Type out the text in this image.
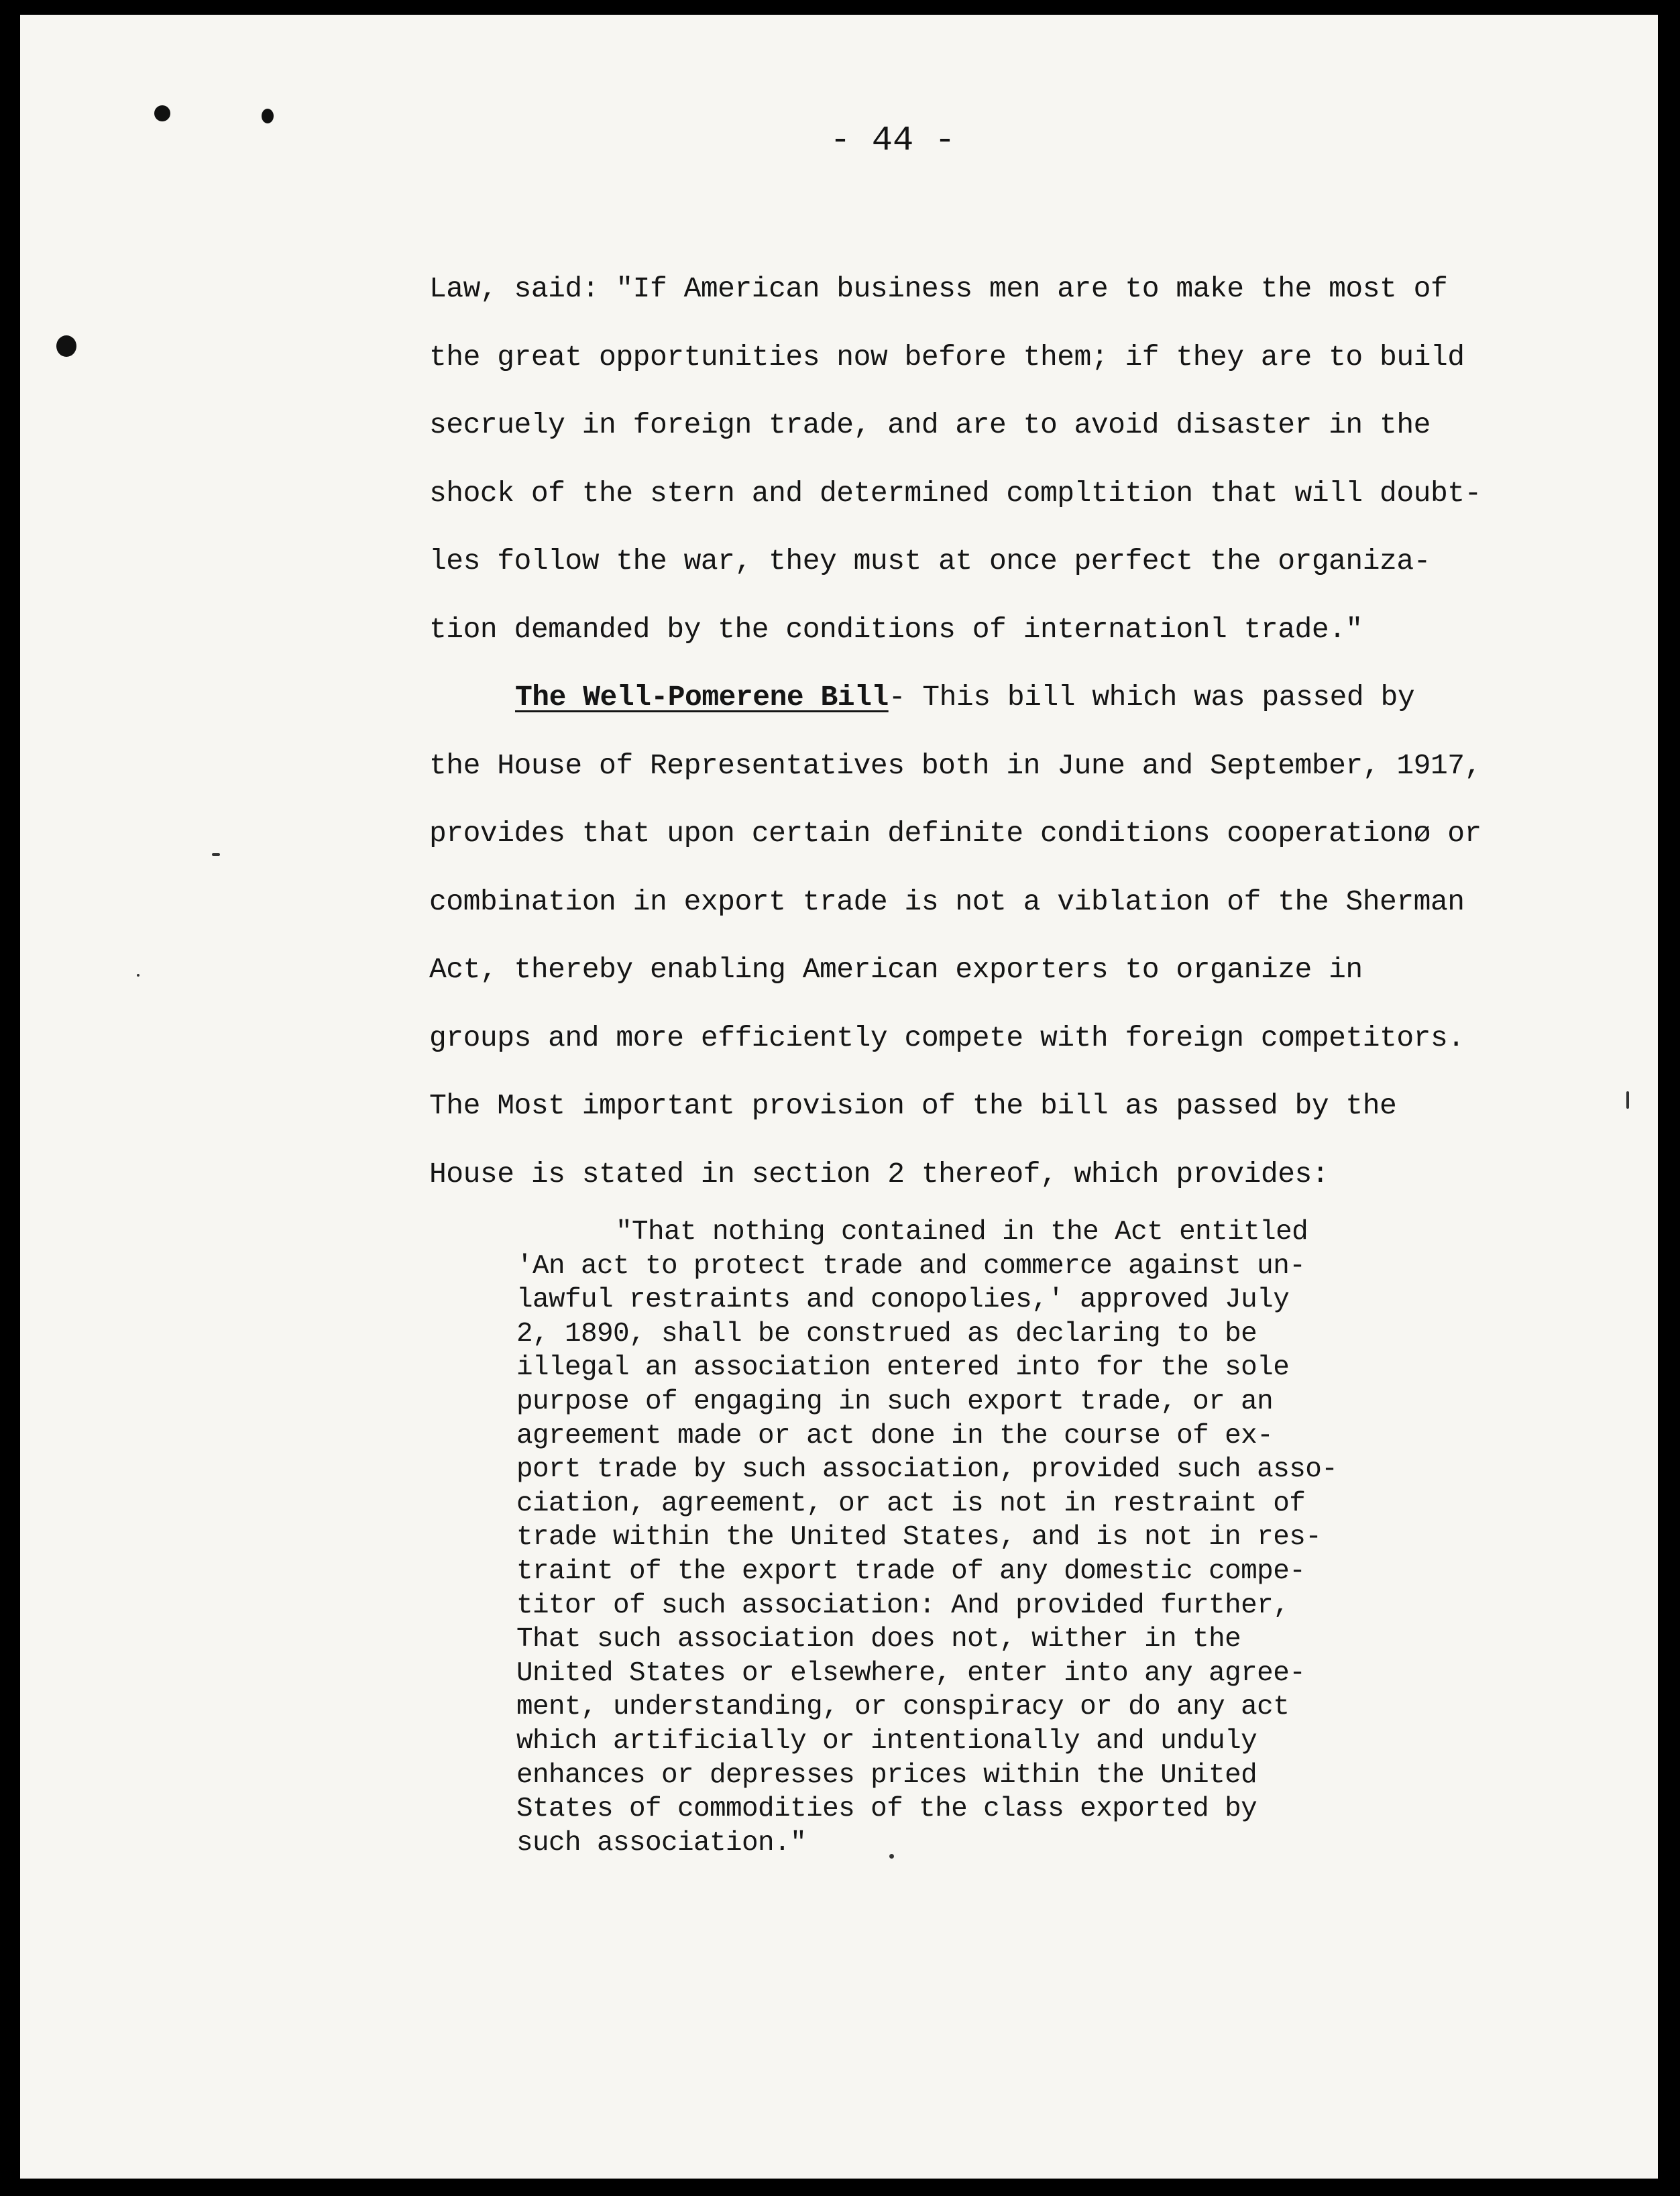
- 44 -
Law, said: "If American business men are to make the most of
the great opportunities now before them; if they are to build
secruely in foreign trade, and are to avoid disaster in the
shock of the stern and determined compltition that will doubt-
les follow the war, they must at once perfect the organiza-
tion demanded by the conditions of internationl trade."
The Well-Pomerene Bill- This bill which was passed by
the House of Representatives both in June and September, 1917,
provides that upon certain definite conditions cooperationø or
combination in export trade is not a viblation of the Sherman
Act, thereby enabling American exporters to organize in
groups and more efficiently compete with foreign competitors.
The Most important provision of the bill as passed by the
House is stated in section 2 thereof, which provides:
"That nothing contained in the Act entitled
'An act to protect trade and commerce against un-
lawful restraints and conopolies,' approved July
2, 1890, shall be construed as declaring to be
illegal an association entered into for the sole
purpose of engaging in such export trade, or an
agreement made or act done in the course of ex-
port trade by such association, provided such asso-
ciation, agreement, or act is not in restraint of
trade within the United States, and is not in res-
traint of the export trade of any domestic compe-
titor of such association: And provided further,
That such association does not, wither in the
United States or elsewhere, enter into any agree-
ment, understanding, or conspiracy or do any act
which artificially or intentionally and unduly
enhances or depresses prices within the United
States of commodities of the class exported by
such association."
